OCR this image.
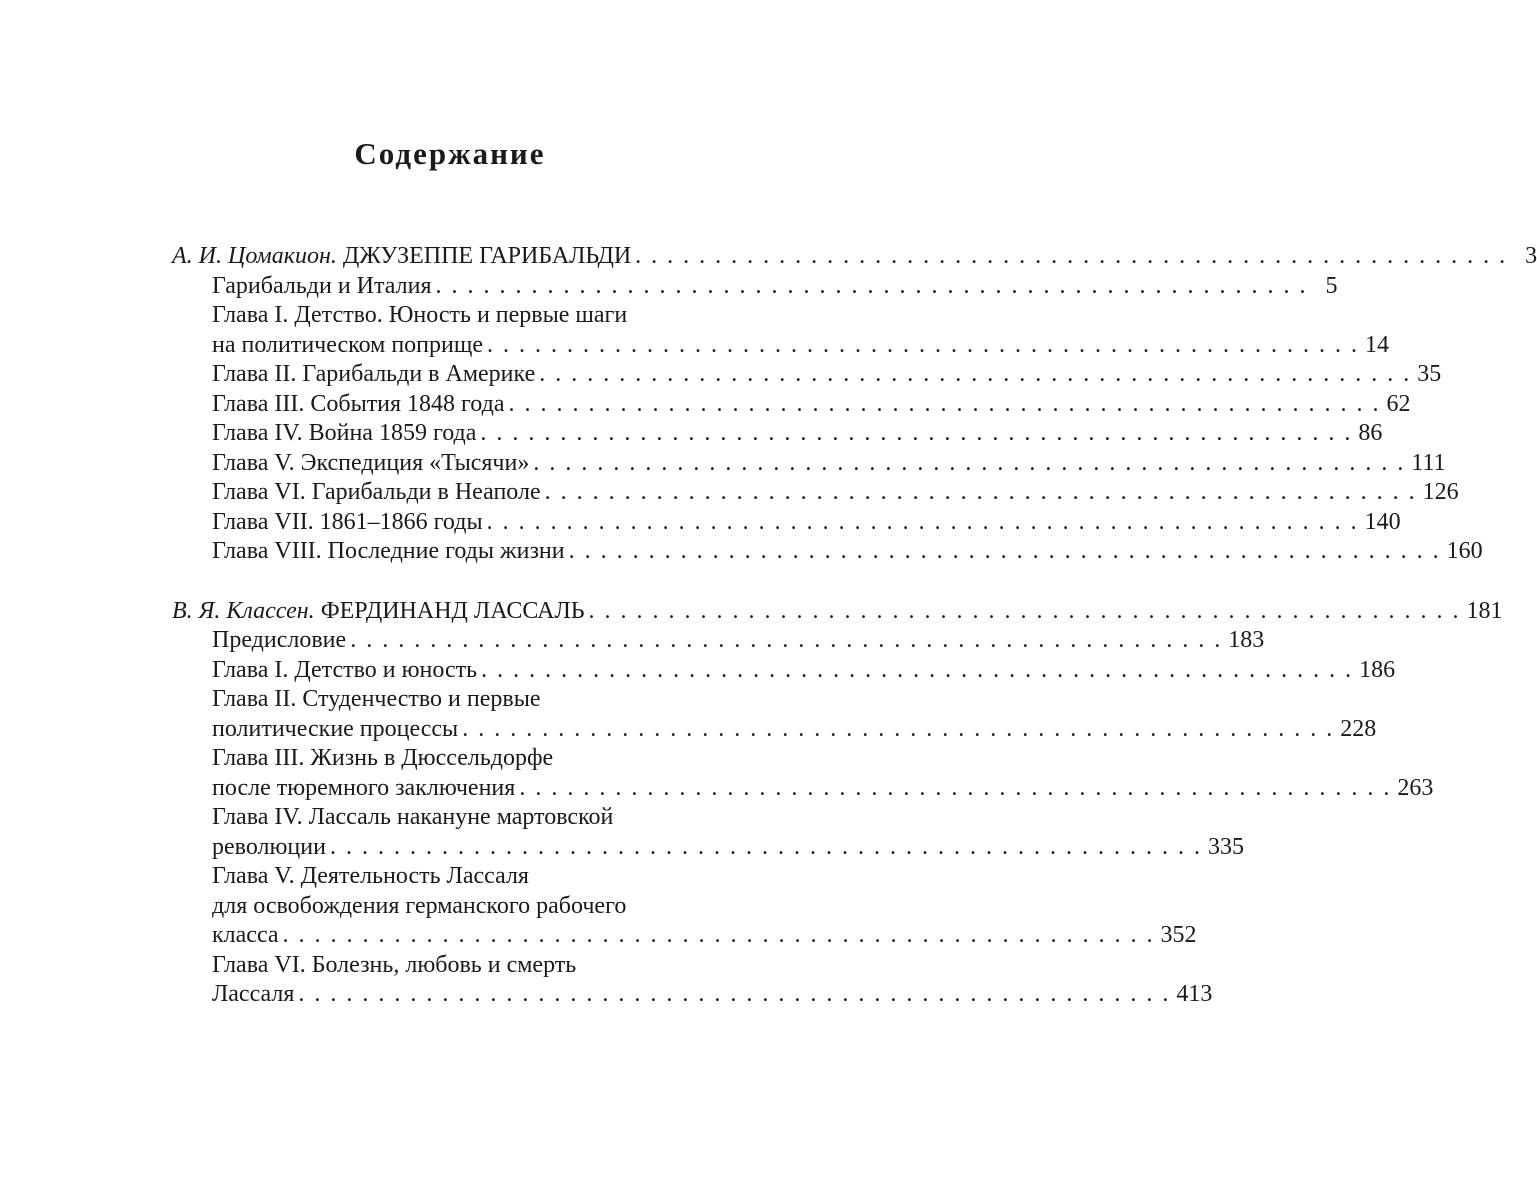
Содержание
А. И. Цомакион. ДЖУЗЕППЕ ГАРИБАЛЬДИ . . . . . . . . . . . . . . . . . . . . . . . . . . . . . . . . . . . . . . . . . . . . . . . . . . . . . . . 3
Гарибальди и Италия . . . . . . . . . . . . . . . . . . . . . . . . . . . . . . . . . . . . . . . . . . . . . . . . . . . . . . . 5
Глава I. Детство. Юность и первые шаги
на политическом поприще . . . . . . . . . . . . . . . . . . . . . . . . . . . . . . . . . . . . . . . . . . . . . . . . . . . . . . . 14
Глава II. Гарибальди в Америке . . . . . . . . . . . . . . . . . . . . . . . . . . . . . . . . . . . . . . . . . . . . . . . . . . . . . . . 35
Глава III. События 1848 года . . . . . . . . . . . . . . . . . . . . . . . . . . . . . . . . . . . . . . . . . . . . . . . . . . . . . . . 62
Глава IV. Война 1859 года . . . . . . . . . . . . . . . . . . . . . . . . . . . . . . . . . . . . . . . . . . . . . . . . . . . . . . . 86
Глава V. Экспедиция «Тысячи» . . . . . . . . . . . . . . . . . . . . . . . . . . . . . . . . . . . . . . . . . . . . . . . . . . . . . . . 111
Глава VI. Гарибальди в Неаполе . . . . . . . . . . . . . . . . . . . . . . . . . . . . . . . . . . . . . . . . . . . . . . . . . . . . . . . 126
Глава VII. 1861–1866 годы . . . . . . . . . . . . . . . . . . . . . . . . . . . . . . . . . . . . . . . . . . . . . . . . . . . . . . . 140
Глава VIII. Последние годы жизни . . . . . . . . . . . . . . . . . . . . . . . . . . . . . . . . . . . . . . . . . . . . . . . . . . . . . . . 160
В. Я. Классен. ФЕРДИНАНД ЛАССАЛЬ . . . . . . . . . . . . . . . . . . . . . . . . . . . . . . . . . . . . . . . . . . . . . . . . . . . . . . . 181
Предисловие . . . . . . . . . . . . . . . . . . . . . . . . . . . . . . . . . . . . . . . . . . . . . . . . . . . . . . . 183
Глава I. Детство и юность . . . . . . . . . . . . . . . . . . . . . . . . . . . . . . . . . . . . . . . . . . . . . . . . . . . . . . . 186
Глава II. Студенчество и первые
политические процессы . . . . . . . . . . . . . . . . . . . . . . . . . . . . . . . . . . . . . . . . . . . . . . . . . . . . . . . 228
Глава III. Жизнь в Дюссельдорфе
после тюремного заключения . . . . . . . . . . . . . . . . . . . . . . . . . . . . . . . . . . . . . . . . . . . . . . . . . . . . . . . 263
Глава IV. Лассаль накануне мартовской
революции . . . . . . . . . . . . . . . . . . . . . . . . . . . . . . . . . . . . . . . . . . . . . . . . . . . . . . . 335
Глава V. Деятельность Лассаля
для освобождения германского рабочего
класса . . . . . . . . . . . . . . . . . . . . . . . . . . . . . . . . . . . . . . . . . . . . . . . . . . . . . . . 352
Глава VI. Болезнь, любовь и смерть
Лассаля . . . . . . . . . . . . . . . . . . . . . . . . . . . . . . . . . . . . . . . . . . . . . . . . . . . . . . . 413
